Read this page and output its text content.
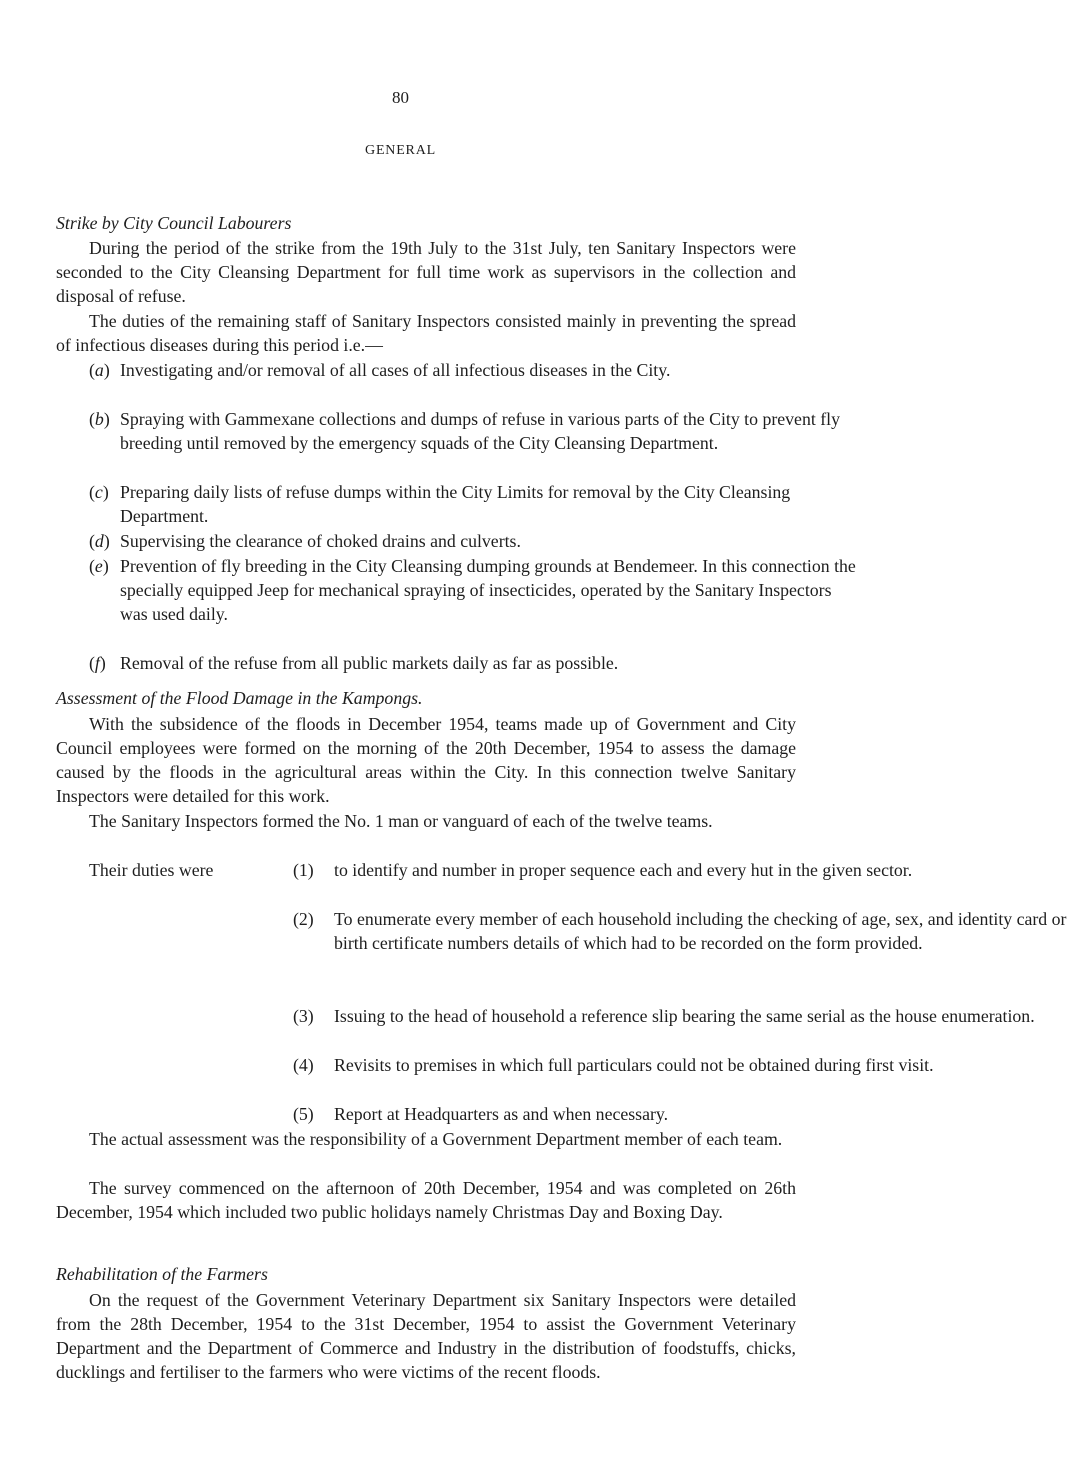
80
GENERAL
Strike by City Council Labourers
During the period of the strike from the 19th July to the 31st July, ten Sanitary Inspectors were seconded to the City Cleansing Department for full time work as supervisors in the collection and disposal of refuse.
The duties of the remaining staff of Sanitary Inspectors consisted mainly in preventing the spread of infectious diseases during this period i.e.—
(a) Investigating and/or removal of all cases of all infectious diseases in the City.
(b) Spraying with Gammexane collections and dumps of refuse in various parts of the City to prevent fly breeding until removed by the emergency squads of the City Cleansing Department.
(c) Preparing daily lists of refuse dumps within the City Limits for removal by the City Cleansing Department.
(d) Supervising the clearance of choked drains and culverts.
(e) Prevention of fly breeding in the City Cleansing dumping grounds at Bendemeer. In this connection the specially equipped Jeep for mechanical spraying of insecticides, operated by the Sanitary Inspectors was used daily.
(f) Removal of the refuse from all public markets daily as far as possible.
Assessment of the Flood Damage in the Kampongs.
With the subsidence of the floods in December 1954, teams made up of Government and City Council employees were formed on the morning of the 20th December, 1954 to assess the damage caused by the floods in the agricultural areas within the City. In this connection twelve Sanitary Inspectors were detailed for this work.
The Sanitary Inspectors formed the No. 1 man or vanguard of each of the twelve teams.
Their duties were	(1) to identify and number in proper sequence each and every hut in the given sector.
(2) To enumerate every member of each household including the checking of age, sex, and identity card or birth certificate numbers details of which had to be recorded on the form provided.
(3) Issuing to the head of household a reference slip bearing the same serial as the house enumeration.
(4) Revisits to premises in which full particulars could not be obtained during first visit.
(5) Report at Headquarters as and when necessary.
The actual assessment was the responsibility of a Government Department member of each team.
The survey commenced on the afternoon of 20th December, 1954 and was completed on 26th December, 1954 which included two public holidays namely Christmas Day and Boxing Day.
Rehabilitation of the Farmers
On the request of the Government Veterinary Department six Sanitary Inspectors were detailed from the 28th December, 1954 to the 31st December, 1954 to assist the Government Veterinary Department and the Department of Commerce and Industry in the distribution of foodstuffs, chicks, ducklings and fertiliser to the farmers who were victims of the recent floods.
